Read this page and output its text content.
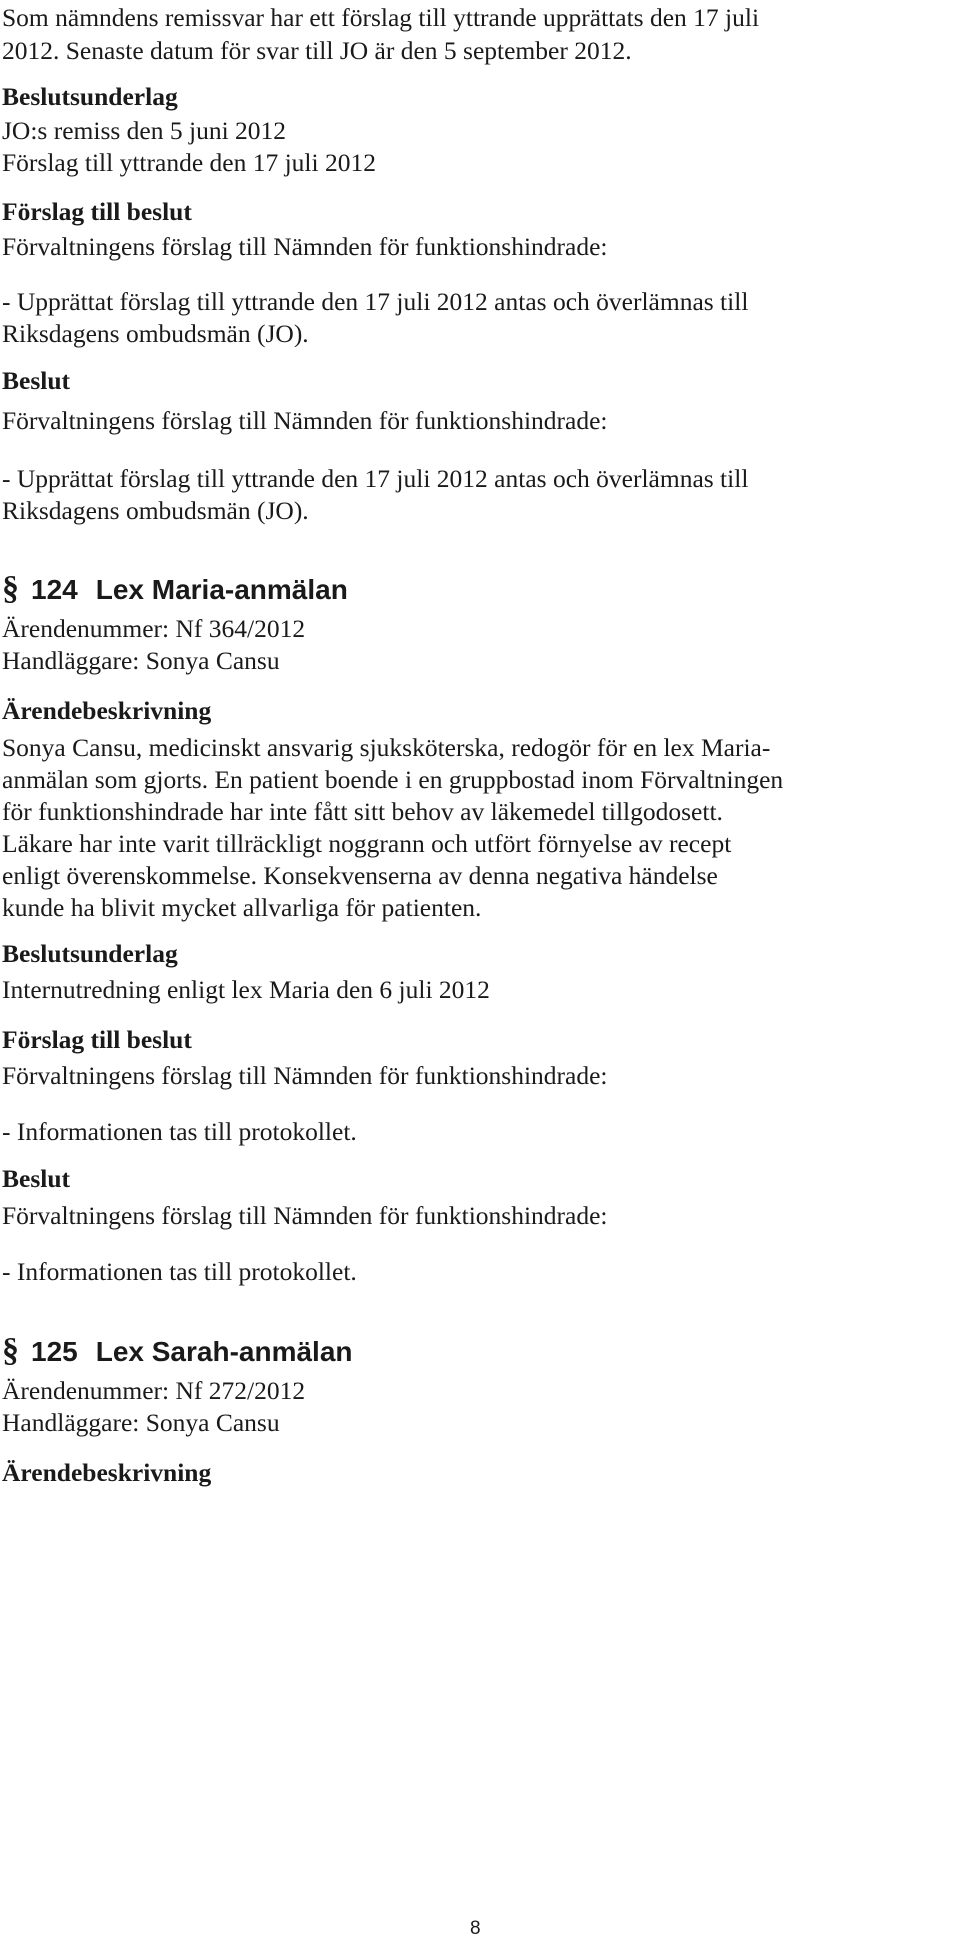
Som nämndens remissvar har ett förslag till yttrande upprättats den 17 juli

2012. Senaste datum för svar till JO är den 5 september 2012.

Beslutsunderlag

JO:s remiss den 5 juni 2012

Förslag till yttrande den 17 juli 2012

Förslag till beslut

Förvaltningens förslag till Nämnden för funktionshindrade:

- Upprättat förslag till yttrande den 17 juli 2012 antas och överlämnas till

Riksdagens ombudsmän (JO).

Beslut

Förvaltningens förslag till Nämnden för funktionshindrade:

- Upprättat förslag till yttrande den 17 juli 2012 antas och överlämnas till

Riksdagens ombudsmän (JO).

§ 124 Lex Maria-anmälan

Ärendenummer: Nf 364/2012

Handläggare: Sonya Cansu

Ärendebeskrivning

Sonya Cansu, medicinskt ansvarig sjuksköterska, redogör för en lex Maria-

anmälan som gjorts. En patient boende i en gruppbostad inom Förvaltningen

för funktionshindrade har inte fått sitt behov av läkemedel tillgodosett.

Läkare har inte varit tillräckligt noggrann och utfört förnyelse av recept

enligt överenskommelse. Konsekvenserna av denna negativa händelse

kunde ha blivit mycket allvarliga för patienten.

Beslutsunderlag

Internutredning enligt lex Maria den 6 juli 2012

Förslag till beslut

Förvaltningens förslag till Nämnden för funktionshindrade:

- Informationen tas till protokollet.

Beslut

Förvaltningens förslag till Nämnden för funktionshindrade:

- Informationen tas till protokollet.

§ 125 Lex Sarah-anmälan

Ärendenummer: Nf 272/2012

Handläggare: Sonya Cansu

Ärendebeskrivning

8
